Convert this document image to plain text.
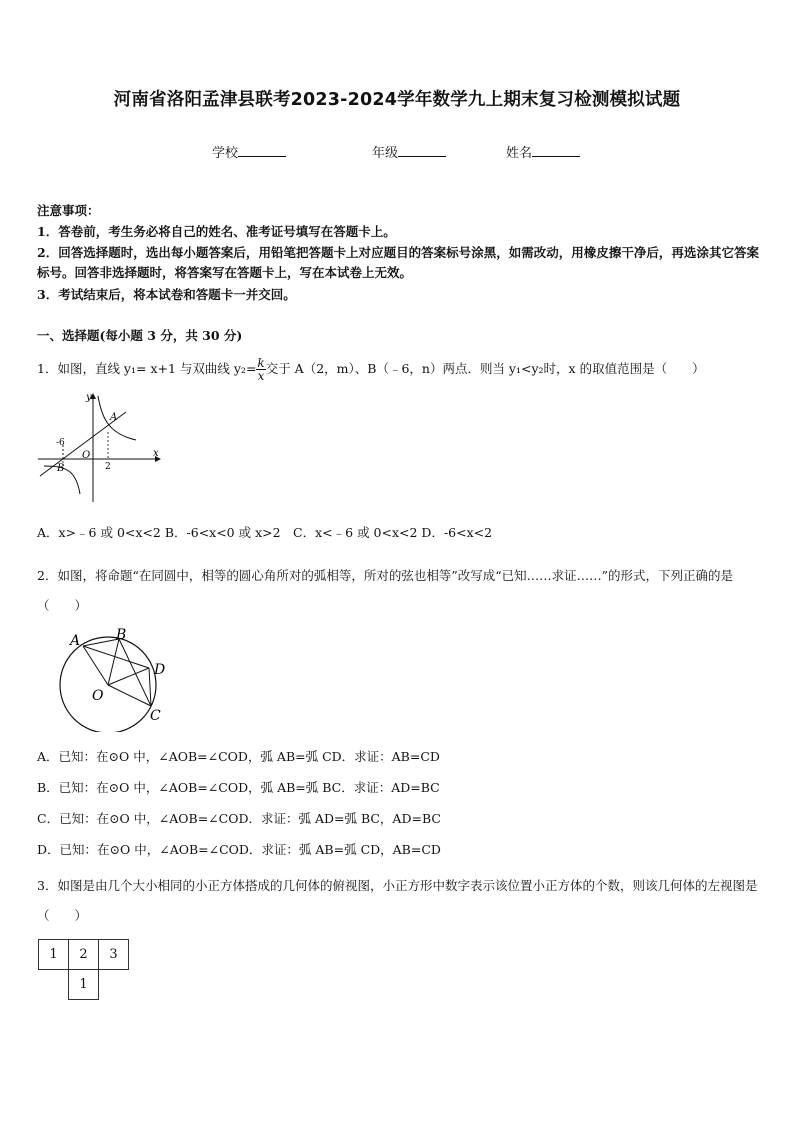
河南省洛阳孟津县联考2023-2024学年数学九上期末复习检测模拟试题
学校	年级	姓名
注意事项：
1．答卷前，考生务必将自己的姓名、准考证号填写在答题卡上。
2．回答选择题时，选出每小题答案后，用铅笔把答题卡上对应题目的答案标号涂黑，如需改动，用橡皮擦干净后，再选涂其它答案标号。回答非选择题时，将答案写在答题卡上，写在本试卷上无效。
3．考试结束后，将本试卷和答题卡一并交回。
一、选择题(每小题 3 分，共 30 分)
1．如图，直线 y₁= x+1 与双曲线 $y_2= \frac{k}{x}$ 交于 A（2，m）、B（﹣6，n）两点．则当 y₁<y₂时，x 的取值范围是（　　）
y
x
O
A
B
-6
2
A．x>﹣6 或 0<x<2 B．-6<x<0 或 x>2　C．x<﹣6 或 0<x<2 D．-6<x<2
2．如图，将命题“在同圆中，相等的圆心角所对的弧相等，所对的弦也相等”改写成“已知……求证……”的形式，下列正确的是（　　）
A	B
D
C
O
A．已知：在⊙O 中，∠AOB=∠COD，弧 AB=弧 CD．求证：AB=CD
B．已知：在⊙O 中，∠AOB=∠COD，弧 AB=弧 BC．求证：AD=BC
C．已知：在⊙O 中，∠AOB=∠COD．求证：弧 AD=弧 BC，AD=BC
D．已知：在⊙O 中，∠AOB=∠COD．求证：弧 AB=弧 CD，AB=CD
3．如图是由几个大小相同的小正方体搭成的几何体的俯视图，小正方形中数字表示该位置小正方体的个数，则该几何体的左视图是（　　）
1	2	3
	1	
